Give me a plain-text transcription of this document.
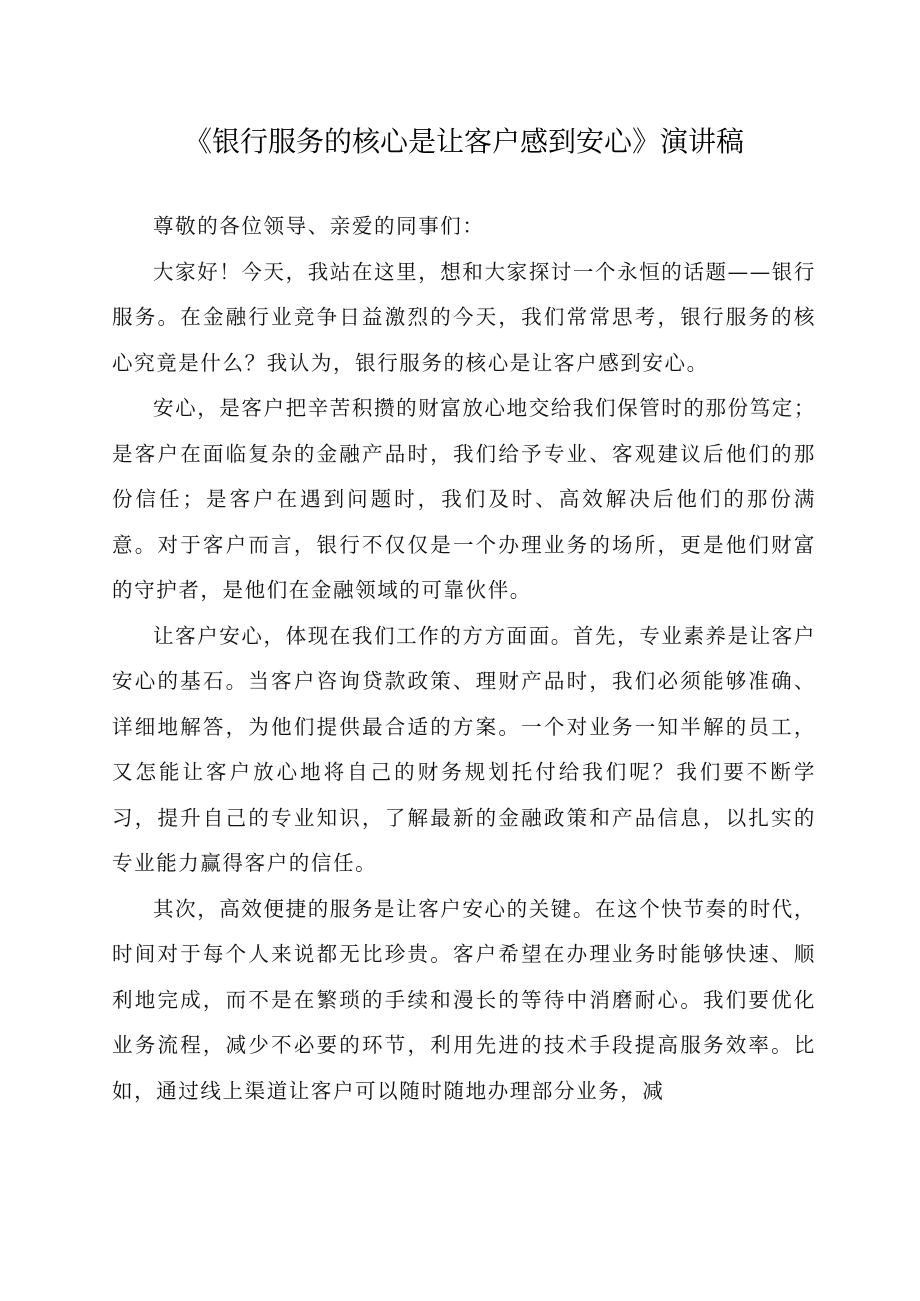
《银行服务的核心是让客户感到安心》演讲稿

尊敬的各位领导、亲爱的同事们：

大家好！今天，我站在这里，想和大家探讨一个永恒的话题——银行服务。在金融行业竞争日益激烈的今天，我们常常思考，银行服务的核心究竟是什么？我认为，银行服务的核心是让客户感到安心。

安心，是客户把辛苦积攒的财富放心地交给我们保管时的那份笃定；是客户在面临复杂的金融产品时，我们给予专业、客观建议后他们的那份信任；是客户在遇到问题时，我们及时、高效解决后他们的那份满意。对于客户而言，银行不仅仅是一个办理业务的场所，更是他们财富的守护者，是他们在金融领域的可靠伙伴。

让客户安心，体现在我们工作的方方面面。首先，专业素养是让客户安心的基石。当客户咨询贷款政策、理财产品时，我们必须能够准确、详细地解答，为他们提供最合适的方案。一个对业务一知半解的员工，又怎能让客户放心地将自己的财务规划托付给我们呢？我们要不断学习，提升自己的专业知识，了解最新的金融政策和产品信息，以扎实的专业能力赢得客户的信任。

其次，高效便捷的服务是让客户安心的关键。在这个快节奏的时代，时间对于每个人来说都无比珍贵。客户希望在办理业务时能够快速、顺利地完成，而不是在繁琐的手续和漫长的等待中消磨耐心。我们要优化业务流程，减少不必要的环节，利用先进的技术手段提高服务效率。比如，通过线上渠道让客户可以随时随地办理部分业务，减
